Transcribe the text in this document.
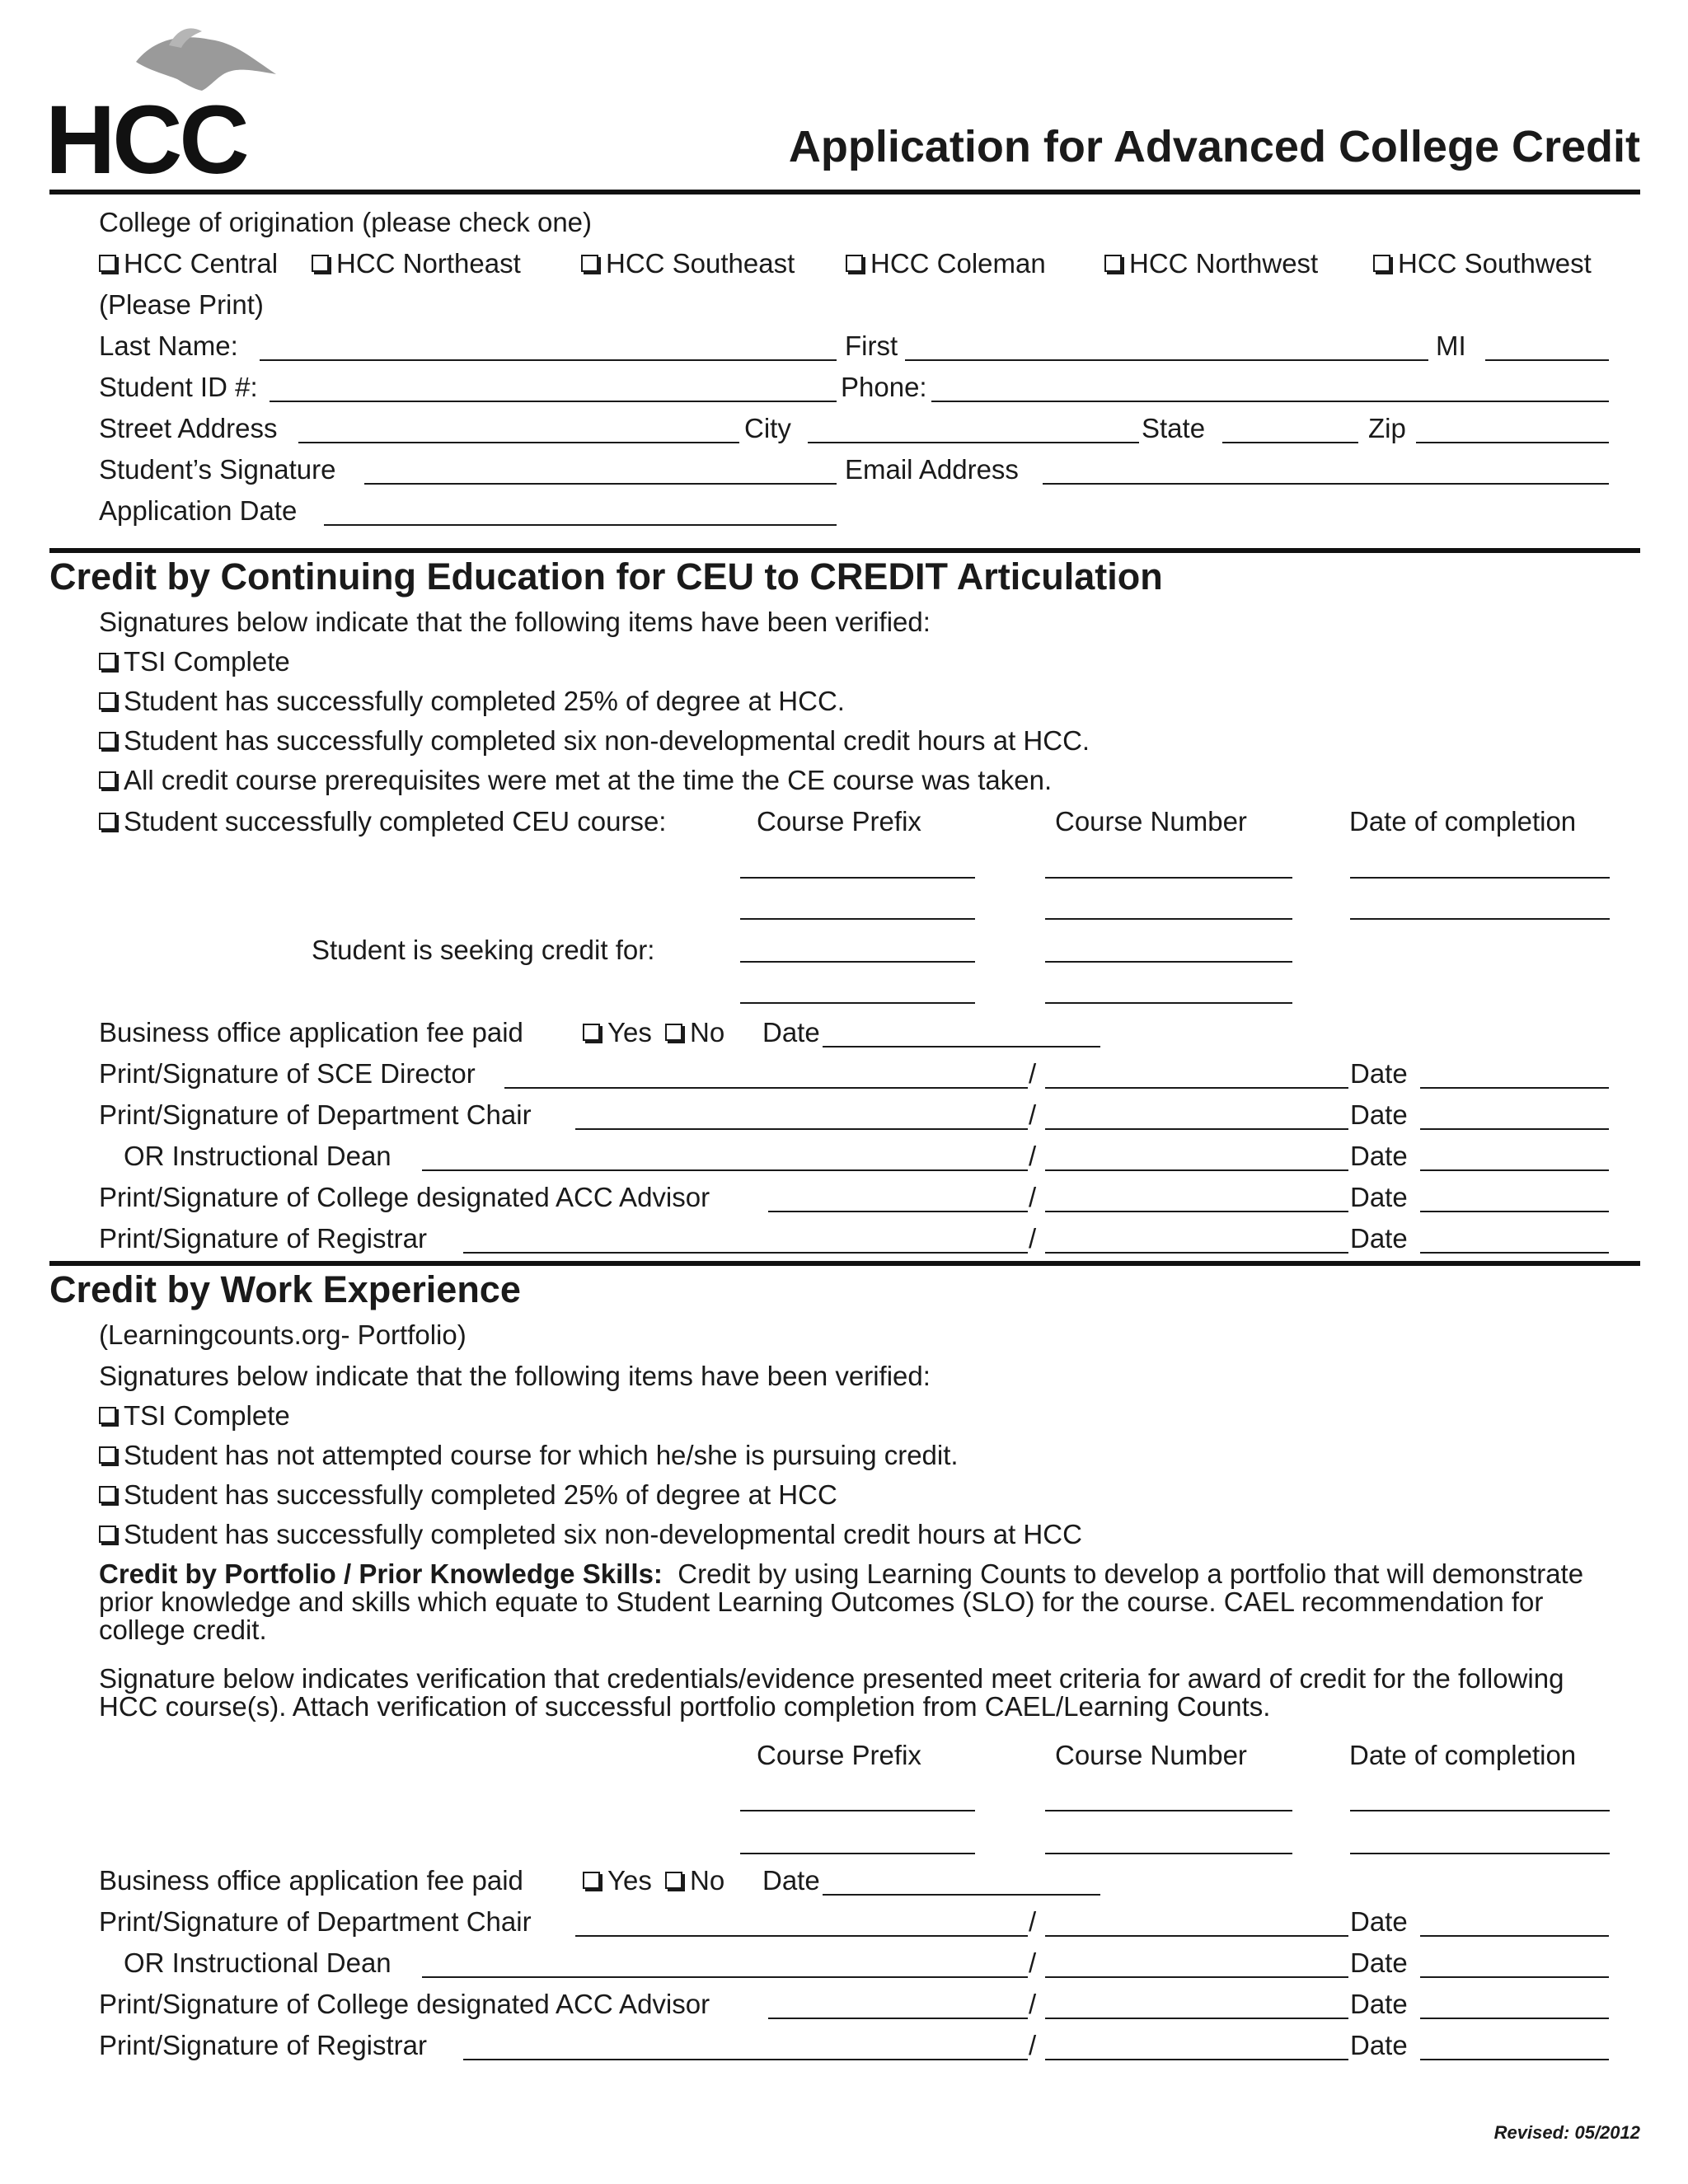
HCC	Application for Advanced College Credit
College of origination (please check one)
HCC Central	HCC Northeast	HCC Southeast	HCC Coleman	HCC Northwest	HCC Southwest
(Please Print)
Last Name:	First	MI
Student ID #:	Phone:
Street Address	City	State	Zip
Student’s Signature	Email Address
Application Date
Credit by Continuing Education for CEU to CREDIT Articulation
Signatures below indicate that the following items have been verified:
TSI Complete
Student has successfully completed 25% of degree at HCC.
Student has successfully completed six non-developmental credit hours at HCC.
All credit course prerequisites were met at the time the CE course was taken.
Student successfully completed CEU course:	Course Prefix	Course Number	Date of completion
Student is seeking credit for:
Business office application fee paid	Yes	No Date
Print/Signature of SCE Director	/	Date
Print/Signature of Department Chair	/	Date
OR Instructional Dean	/	Date
Print/Signature of College designated ACC Advisor	/	Date
Print/Signature of Registrar	/	Date
Credit by Work Experience
(Learningcounts.org- Portfolio)
Signatures below indicate that the following items have been verified:
TSI Complete
Student has not attempted course for which he/she is pursuing credit.
Student has successfully completed 25% of degree at HCC
Student has successfully completed six non-developmental credit hours at HCC
Credit by Portfolio / Prior Knowledge Skills: Credit by using Learning Counts to develop a portfolio that will demonstrate prior knowledge and skills which equate to Student Learning Outcomes (SLO) for the course. CAEL recommendation for college credit.
Signature below indicates verification that credentials/evidence presented meet criteria for award of credit for the following HCC course(s). Attach verification of successful portfolio completion from CAEL/Learning Counts.
Course Prefix	Course Number	Date of completion
Business office application fee paid	Yes	No Date
Print/Signature of Department Chair	/	Date
OR Instructional Dean	/	Date
Print/Signature of College designated ACC Advisor	/	Date
Print/Signature of Registrar	/	Date
Revised: 05/2012
